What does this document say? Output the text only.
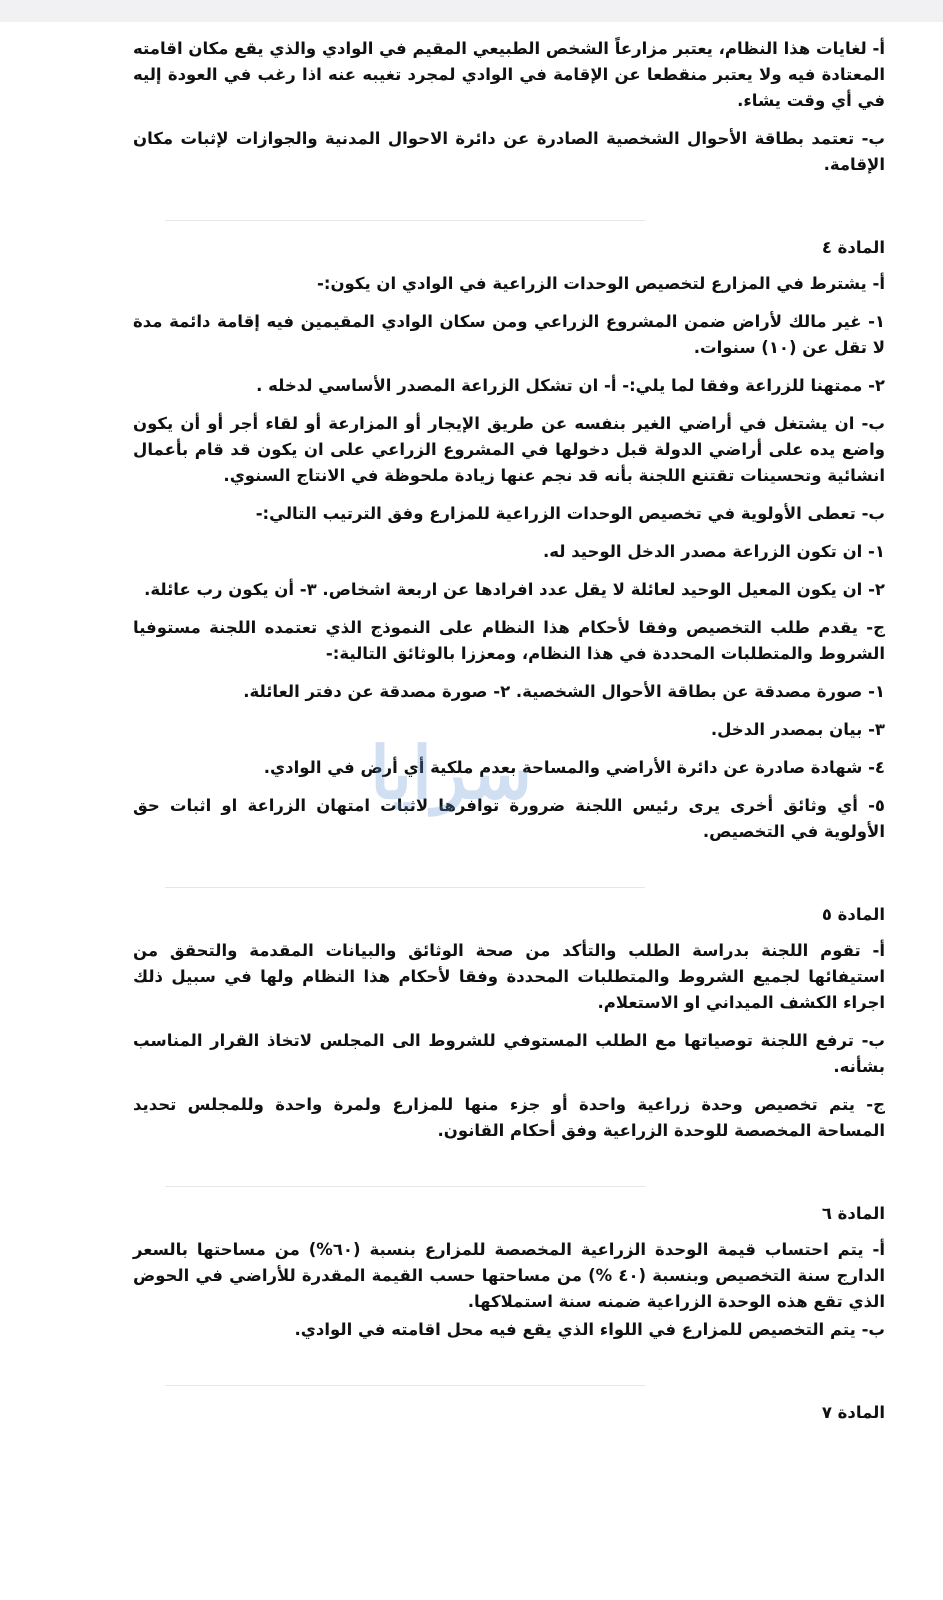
أ- لغايات هذا النظام، يعتبر مزارعاً الشخص الطبيعي المقيم في الوادي والذي يقع مكان اقامته المعتادة فيه ولا يعتبر منقطعا عن الإقامة في الوادي لمجرد تغيبه عنه اذا رغب في العودة إليه في أي وقت يشاء.

ب- تعتمد بطاقة الأحوال الشخصية الصادرة عن دائرة الاحوال المدنية والجوازات لإثبات مكان الإقامة.

المادة ٤

أ- يشترط في المزارع لتخصيص الوحدات الزراعية في الوادي ان يكون:-

١- غير مالك لأراض ضمن المشروع الزراعي ومن سكان الوادي المقيمين فيه إقامة دائمة مدة لا تقل عن (١٠) سنوات.

٢- ممتهنا للزراعة وفقا لما يلي:- أ- ان تشكل الزراعة المصدر الأساسي لدخله .

ب- ان يشتغل في أراضي الغير بنفسه عن طريق الإيجار أو المزارعة أو لقاء أجر أو أن يكون واضع يده على أراضي الدولة قبل دخولها في المشروع الزراعي على ان يكون قد قام بأعمال انشائية وتحسينات تقتنع اللجنة بأنه قد نجم عنها زيادة ملحوظة في الانتاج السنوي.

ب- تعطى الأولوية في تخصيص الوحدات الزراعية للمزارع وفق الترتيب التالي:-

١- ان تكون الزراعة مصدر الدخل الوحيد له.

٢- ان يكون المعيل الوحيد لعائلة لا يقل عدد افرادها عن اربعة اشخاص. ٣- أن يكون رب عائلة.

ج- يقدم طلب التخصيص وفقا لأحكام هذا النظام على النموذج الذي تعتمده اللجنة مستوفيا الشروط والمتطلبات المحددة في هذا النظام، ومعززا بالوثائق التالية:-

١- صورة مصدقة عن بطاقة الأحوال الشخصية. ٢- صورة مصدقة عن دفتر العائلة.

٣- بيان بمصدر الدخل.

٤- شهادة صادرة عن دائرة الأراضي والمساحة بعدم ملكية أي أرض في الوادي.

٥- أي وثائق أخرى يرى رئيس اللجنة ضرورة توافرها لاثبات امتهان الزراعة او اثبات حق الأولوية في التخصيص.

المادة ٥

أ- تقوم اللجنة بدراسة الطلب والتأكد من صحة الوثائق والبيانات المقدمة والتحقق من استيفائها لجميع الشروط والمتطلبات المحددة وفقا لأحكام هذا النظام ولها في سبيل ذلك اجراء الكشف الميداني او الاستعلام.

ب- ترفع اللجنة توصياتها مع الطلب المستوفي للشروط الى المجلس لاتخاذ القرار المناسب بشأنه.

ج- يتم تخصيص وحدة زراعية واحدة أو جزء منها للمزارع ولمرة واحدة وللمجلس تحديد المساحة المخصصة للوحدة الزراعية وفق أحكام القانون.

المادة ٦

أ- يتم احتساب قيمة الوحدة الزراعية المخصصة للمزارع بنسبة (٦٠%) من مساحتها بالسعر الدارج سنة التخصيص وبنسبة (٤٠ %) من مساحتها حسب القيمة المقدرة للأراضي في الحوض الذي تقع هذه الوحدة الزراعية ضمنه سنة استملاكها.

ب- يتم التخصيص للمزارع في اللواء الذي يقع فيه محل اقامته في الوادي.

المادة ٧
سرايا
